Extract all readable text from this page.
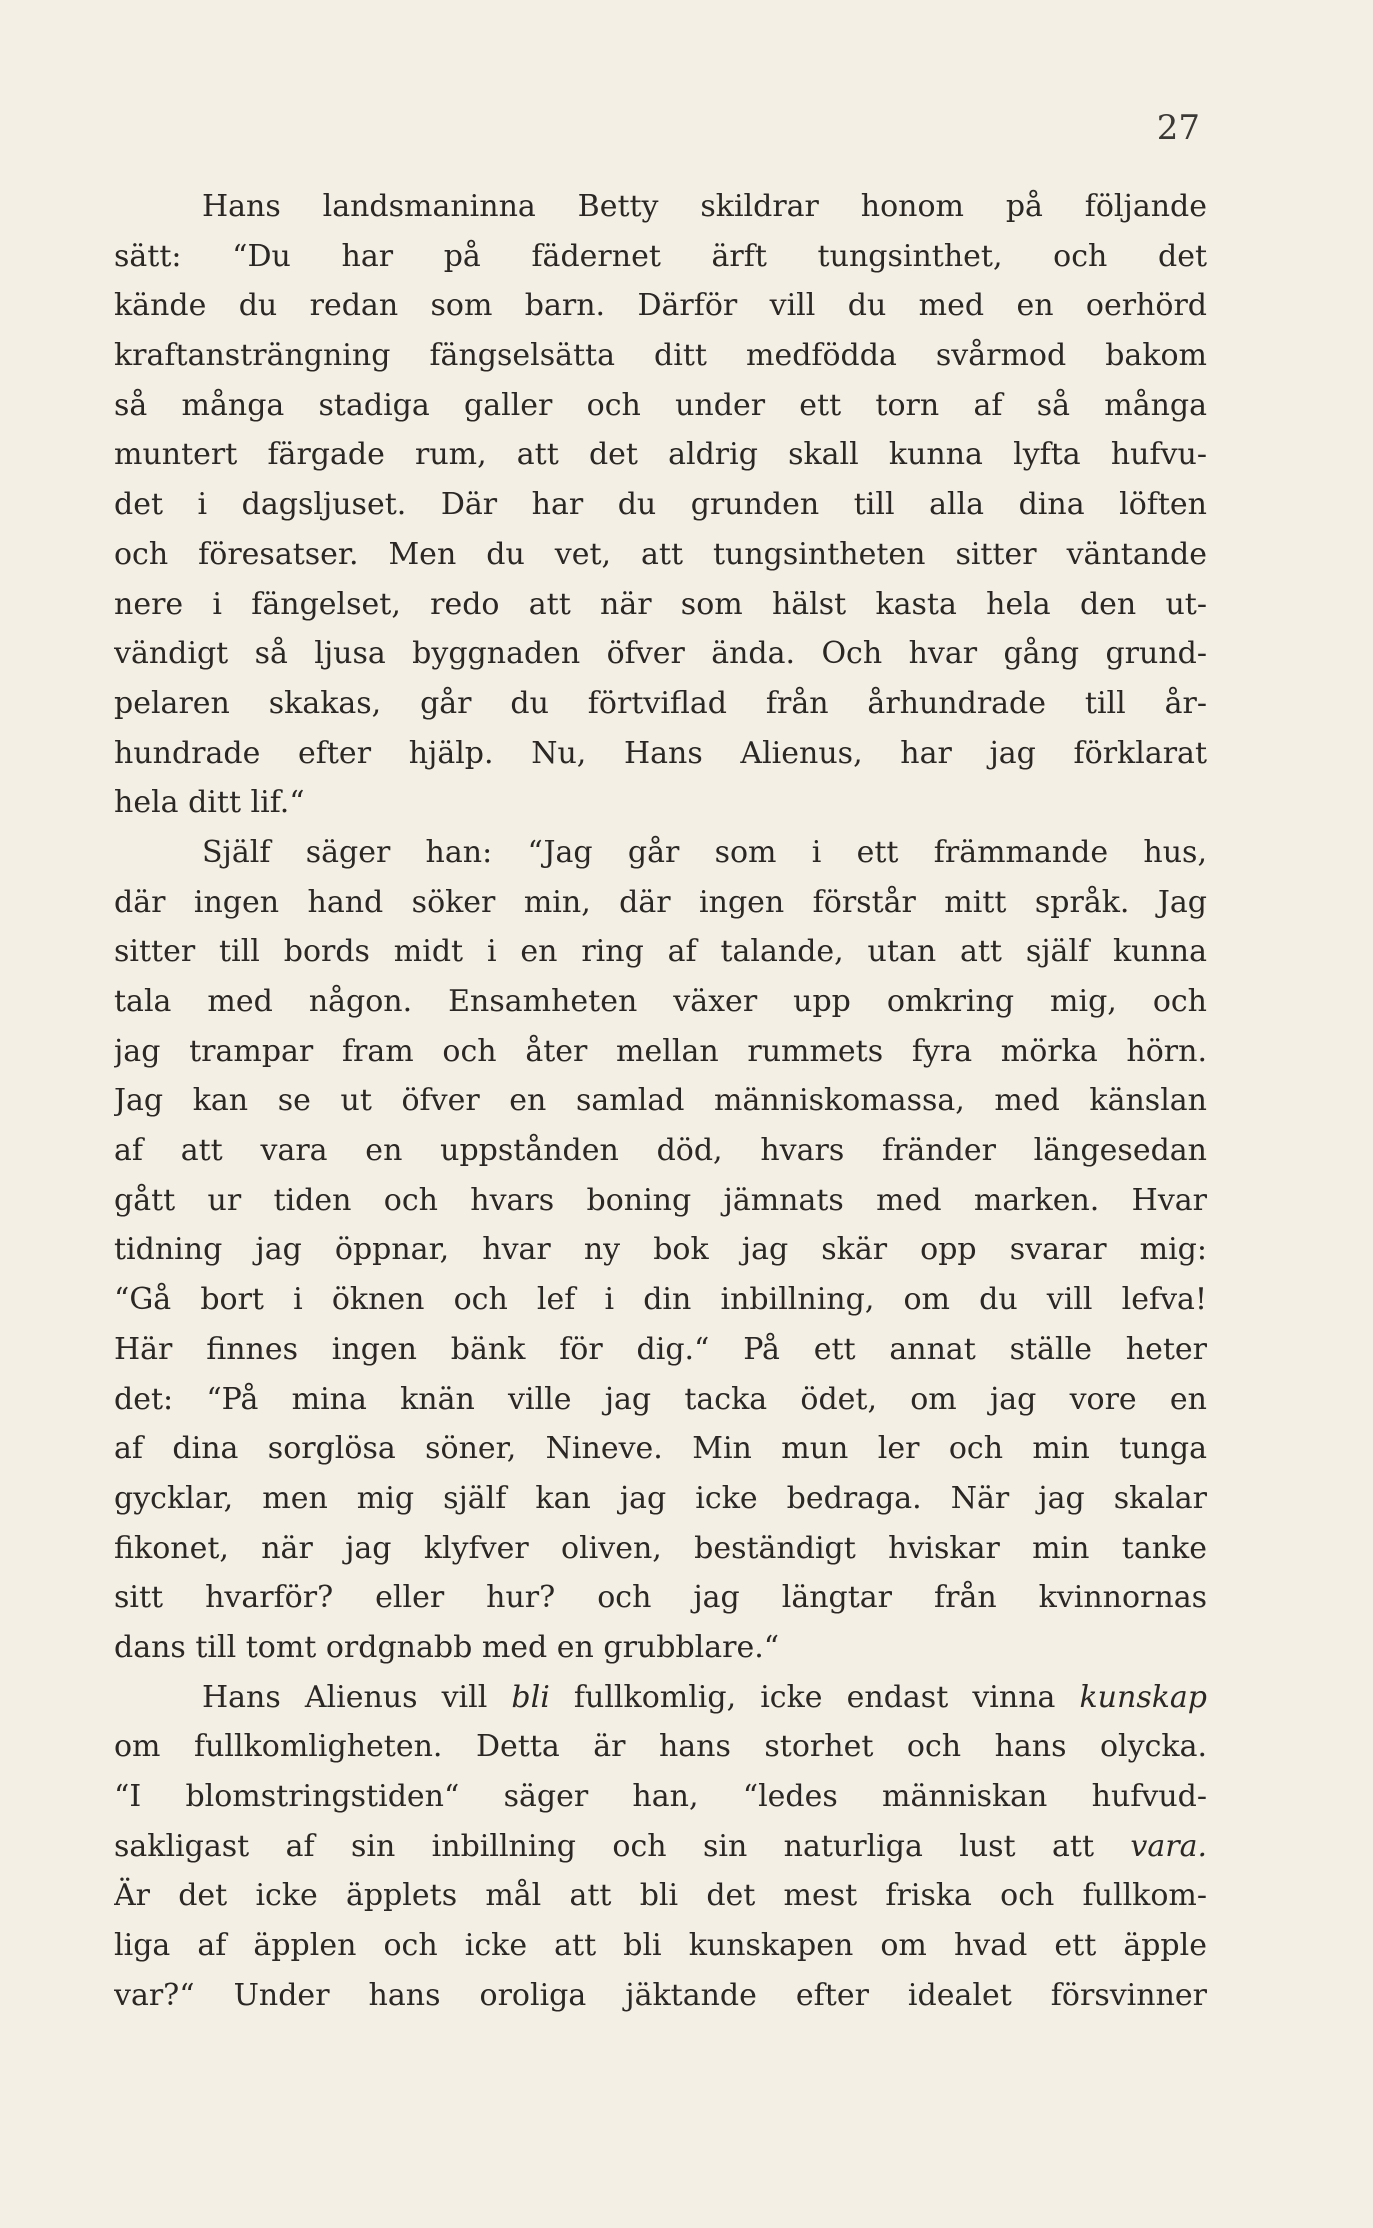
27
Hans landsmaninna Betty skildrar honom på följande
sätt: “Du har på fädernet ärft tungsinthet, och det
kände du redan som barn. Därför vill du med en oerhörd
kraftansträngning fängselsätta ditt medfödda svårmod bakom
så många stadiga galler och under ett torn af så många
muntert färgade rum, att det aldrig skall kunna lyfta hufvu-
det i dagsljuset. Där har du grunden till alla dina löften
och föresatser. Men du vet, att tungsintheten sitter väntande
nere i fängelset, redo att när som hälst kasta hela den ut-
vändigt så ljusa byggnaden öfver ända. Och hvar gång grund-
pelaren skakas, går du förtviflad från århundrade till år-
hundrade efter hjälp. Nu, Hans Alienus, har jag förklarat
hela ditt lif.“
Själf säger han: “Jag går som i ett främmande hus,
där ingen hand söker min, där ingen förstår mitt språk. Jag
sitter till bords midt i en ring af talande, utan att själf kunna
tala med någon. Ensamheten växer upp omkring mig, och
jag trampar fram och åter mellan rummets fyra mörka hörn.
Jag kan se ut öfver en samlad människomassa, med känslan
af att vara en uppstånden död, hvars fränder längesedan
gått ur tiden och hvars boning jämnats med marken. Hvar
tidning jag öppnar, hvar ny bok jag skär opp svarar mig:
“Gå bort i öknen och lef i din inbillning, om du vill lefva!
Här finnes ingen bänk för dig.“ På ett annat ställe heter
det: “På mina knän ville jag tacka ödet, om jag vore en
af dina sorglösa söner, Nineve. Min mun ler och min tunga
gycklar, men mig själf kan jag icke bedraga. När jag skalar
fikonet, när jag klyfver oliven, beständigt hviskar min tanke
sitt hvarför? eller hur? och jag längtar från kvinnornas
dans till tomt ordgnabb med en grubblare.“
Hans Alienus vill bli fullkomlig, icke endast vinna kunskap
om fullkomligheten. Detta är hans storhet och hans olycka.
“I blomstringstiden“ säger han, “ledes människan hufvud-
sakligast af sin inbillning och sin naturliga lust att vara.
Är det icke äpplets mål att bli det mest friska och fullkom-
liga af äpplen och icke att bli kunskapen om hvad ett äpple
var?“ Under hans oroliga jäktande efter idealet försvinner
